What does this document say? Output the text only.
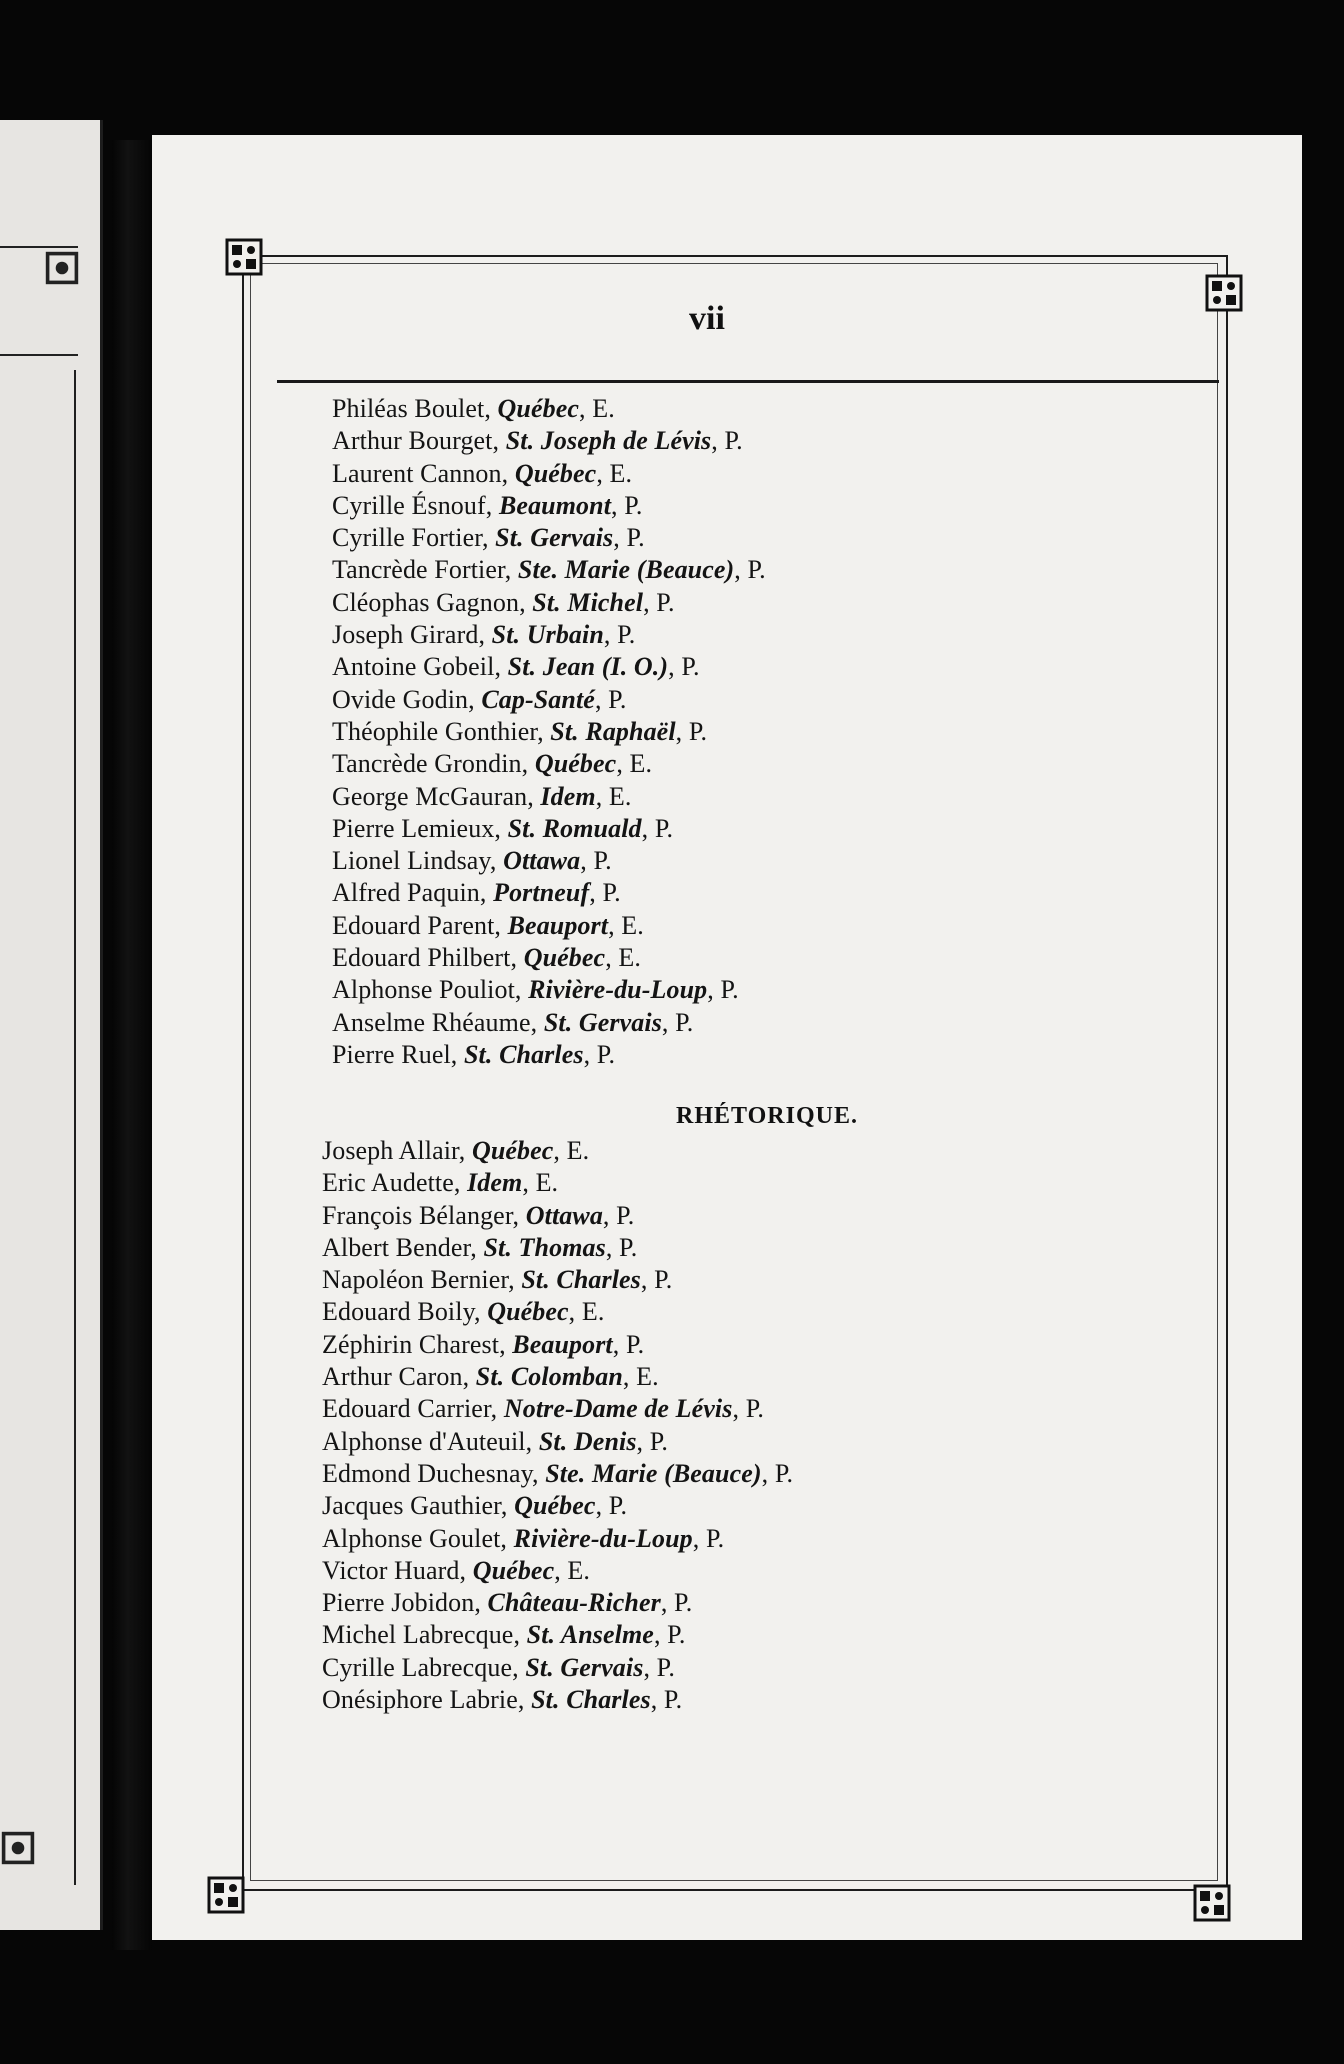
vii
Philéas Boulet, Québec, E.
Arthur Bourget, St. Joseph de Lévis, P.
Laurent Cannon, Québec, E.
Cyrille Ésnouf, Beaumont, P.
Cyrille Fortier, St. Gervais, P.
Tancrède Fortier, Ste. Marie (Beauce), P.
Cléophas Gagnon, St. Michel, P.
Joseph Girard, St. Urbain, P.
Antoine Gobeil, St. Jean (I. O.), P.
Ovide Godin, Cap-Santé, P.
Théophile Gonthier, St. Raphaël, P.
Tancrède Grondin, Québec, E.
George McGauran, Idem, E.
Pierre Lemieux, St. Romuald, P.
Lionel Lindsay, Ottawa, P.
Alfred Paquin, Portneuf, P.
Edouard Parent, Beauport, E.
Edouard Philbert, Québec, E.
Alphonse Pouliot, Rivière-du-Loup, P.
Anselme Rhéaume, St. Gervais, P.
Pierre Ruel, St. Charles, P.
RHÉTORIQUE.
Joseph Allair, Québec, E.
Eric Audette, Idem, E.
François Bélanger, Ottawa, P.
Albert Bender, St. Thomas, P.
Napoléon Bernier, St. Charles, P.
Edouard Boily, Québec, E.
Zéphirin Charest, Beauport, P.
Arthur Caron, St. Colomban, E.
Edouard Carrier, Notre-Dame de Lévis, P.
Alphonse d'Auteuil, St. Denis, P.
Edmond Duchesnay, Ste. Marie (Beauce), P.
Jacques Gauthier, Québec, P.
Alphonse Goulet, Rivière-du-Loup, P.
Victor Huard, Québec, E.
Pierre Jobidon, Château-Richer, P.
Michel Labrecque, St. Anselme, P.
Cyrille Labrecque, St. Gervais, P.
Onésiphore Labrie, St. Charles, P.
